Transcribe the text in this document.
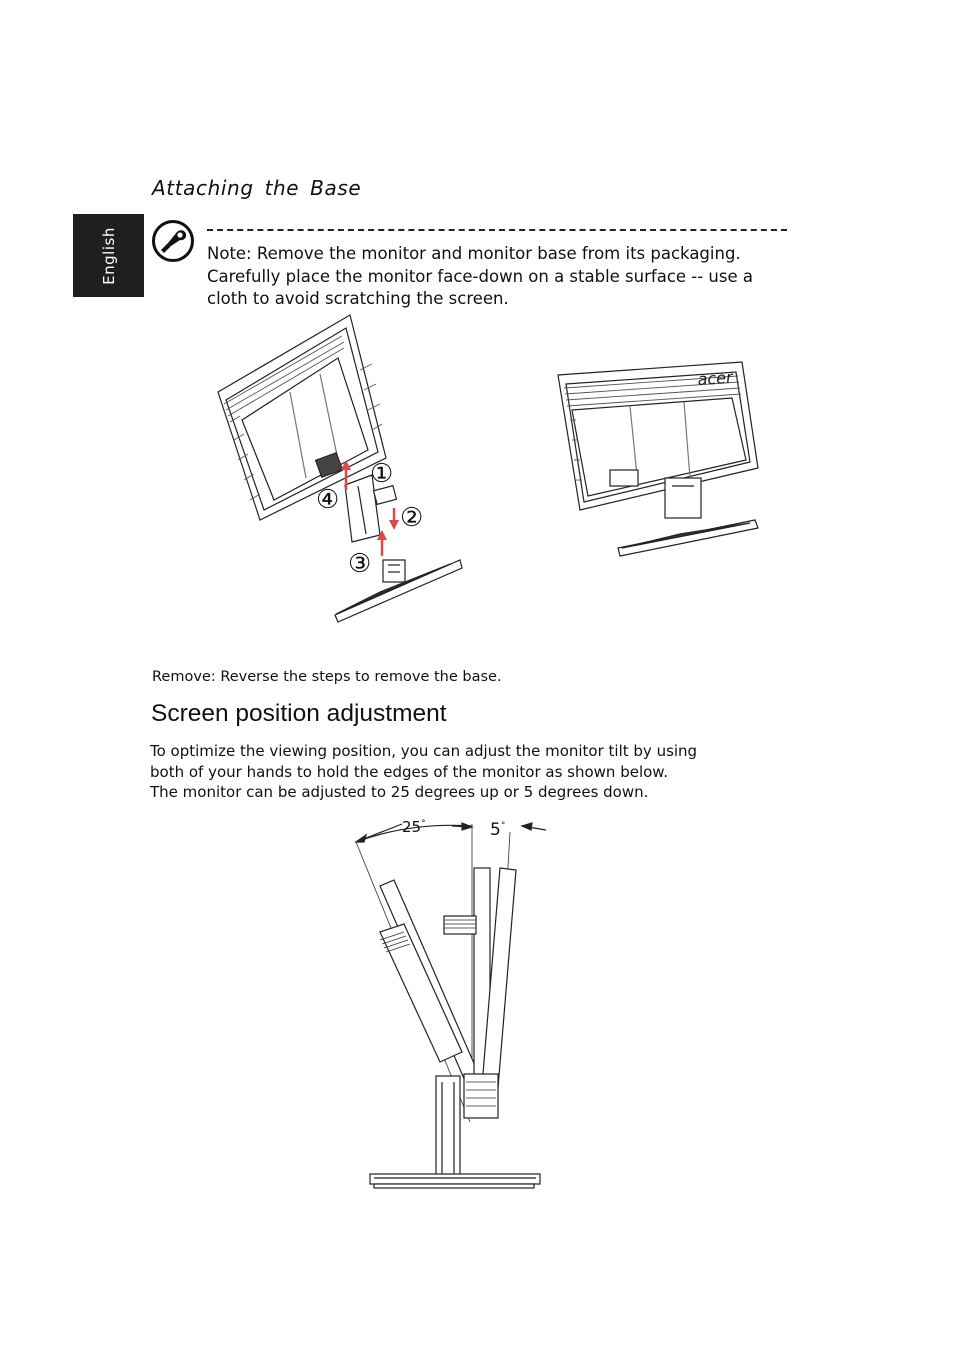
English
Attaching the Base
Note: Remove the monitor and monitor base from its packaging.
Carefully place the monitor face-down on a stable surface -- use a
cloth to avoid scratching the screen.
①
②
③
④
acer
Remove: Reverse the steps to remove the base.
Screen position adjustment
To optimize the viewing position, you can adjust the monitor tilt by using
both of your hands to hold the edges of the monitor as shown below.
The monitor can be adjusted to 25 degrees up or 5 degrees down.
25°	5°
